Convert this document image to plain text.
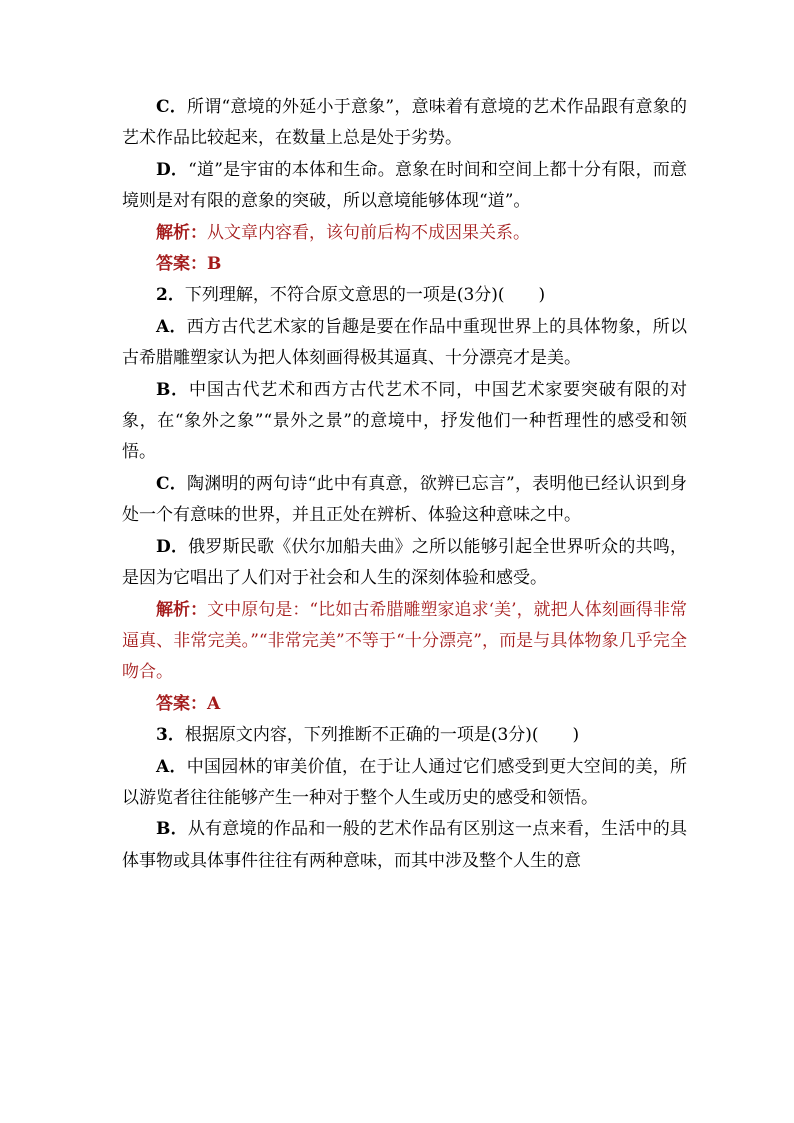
C．所谓“意境的外延小于意象”，意味着有意境的艺术作品跟有意象的艺术作品比较起来，在数量上总是处于劣势。

D．“道”是宇宙的本体和生命。意象在时间和空间上都十分有限，而意境则是对有限的意象的突破，所以意境能够体现“道”。

解析：从文章内容看，该句前后构不成因果关系。

答案：B

2．下列理解，不符合原文意思的一项是(3分)(　　)

A．西方古代艺术家的旨趣是要在作品中重现世界上的具体物象，所以古希腊雕塑家认为把人体刻画得极其逼真、十分漂亮才是美。

B．中国古代艺术和西方古代艺术不同，中国艺术家要突破有限的对象，在“象外之象”“景外之景”的意境中，抒发他们一种哲理性的感受和领悟。

C．陶渊明的两句诗“此中有真意，欲辨已忘言”，表明他已经认识到身处一个有意味的世界，并且正处在辨析、体验这种意味之中。

D．俄罗斯民歌《伏尔加船夫曲》之所以能够引起全世界听众的共鸣，是因为它唱出了人们对于社会和人生的深刻体验和感受。

解析：文中原句是：“比如古希腊雕塑家追求‘美’，就把人体刻画得非常逼真、非常完美。”“非常完美”不等于“十分漂亮”，而是与具体物象几乎完全吻合。

答案：A

3．根据原文内容，下列推断不正确的一项是(3分)(　　)

A．中国园林的审美价值，在于让人通过它们感受到更大空间的美，所以游览者往往能够产生一种对于整个人生或历史的感受和领悟。

B．从有意境的作品和一般的艺术作品有区别这一点来看，生活中的具体事物或具体事件往往有两种意味，而其中涉及整个人生的意
